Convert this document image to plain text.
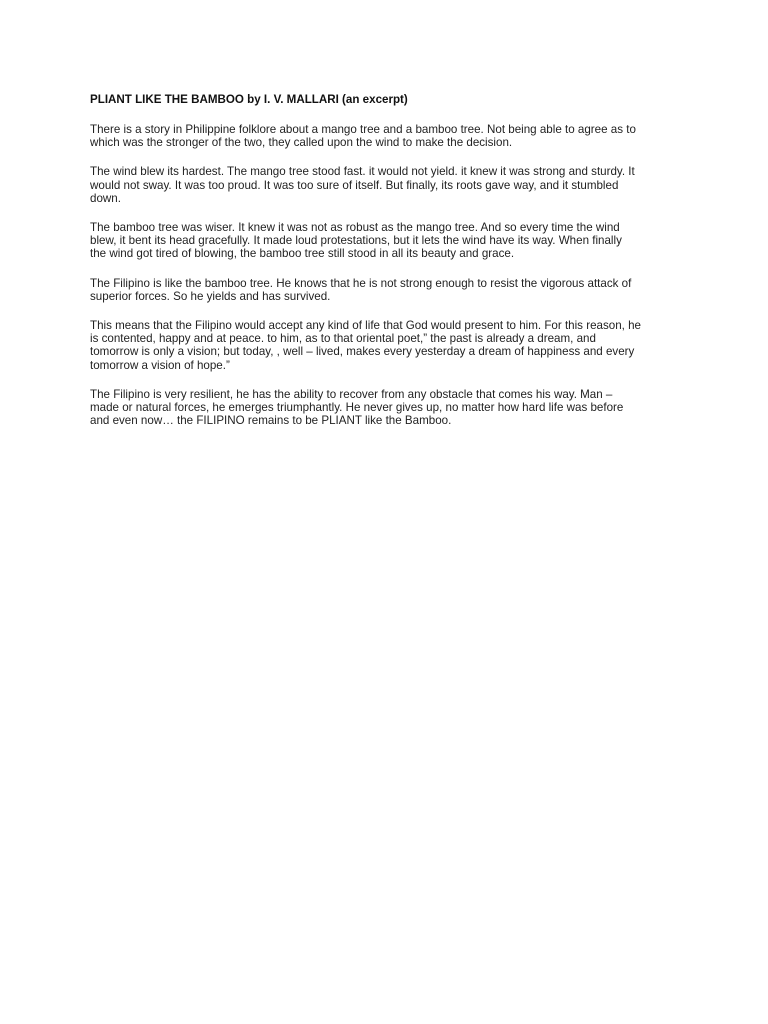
PLIANT LIKE THE BAMBOO by I. V. MALLARI (an excerpt)
There is a story in Philippine folklore about a mango tree and a bamboo tree. Not being able to agree as to
which was the stronger of the two, they called upon the wind to make the decision.
The wind blew its hardest. The mango tree stood fast. it would not yield. it knew it was strong and sturdy. It
would not sway. It was too proud. It was too sure of itself. But finally, its roots gave way, and it stumbled
down.
The bamboo tree was wiser. It knew it was not as robust as the mango tree. And so every time the wind
blew, it bent its head gracefully. It made loud protestations, but it lets the wind have its way. When finally
the wind got tired of blowing, the bamboo tree still stood in all its beauty and grace.
The Filipino is like the bamboo tree. He knows that he is not strong enough to resist the vigorous attack of
superior forces. So he yields and has survived.
This means that the Filipino would accept any kind of life that God would present to him. For this reason, he
is contented, happy and at peace. to him, as to that oriental poet,” the past is already a dream, and
tomorrow is only a vision; but today, , well – lived, makes every yesterday a dream of happiness and every
tomorrow a vision of hope.”
The Filipino is very resilient, he has the ability to recover from any obstacle that comes his way. Man –
made or natural forces, he emerges triumphantly. He never gives up, no matter how hard life was before
and even now… the FILIPINO remains to be PLIANT like the Bamboo.
